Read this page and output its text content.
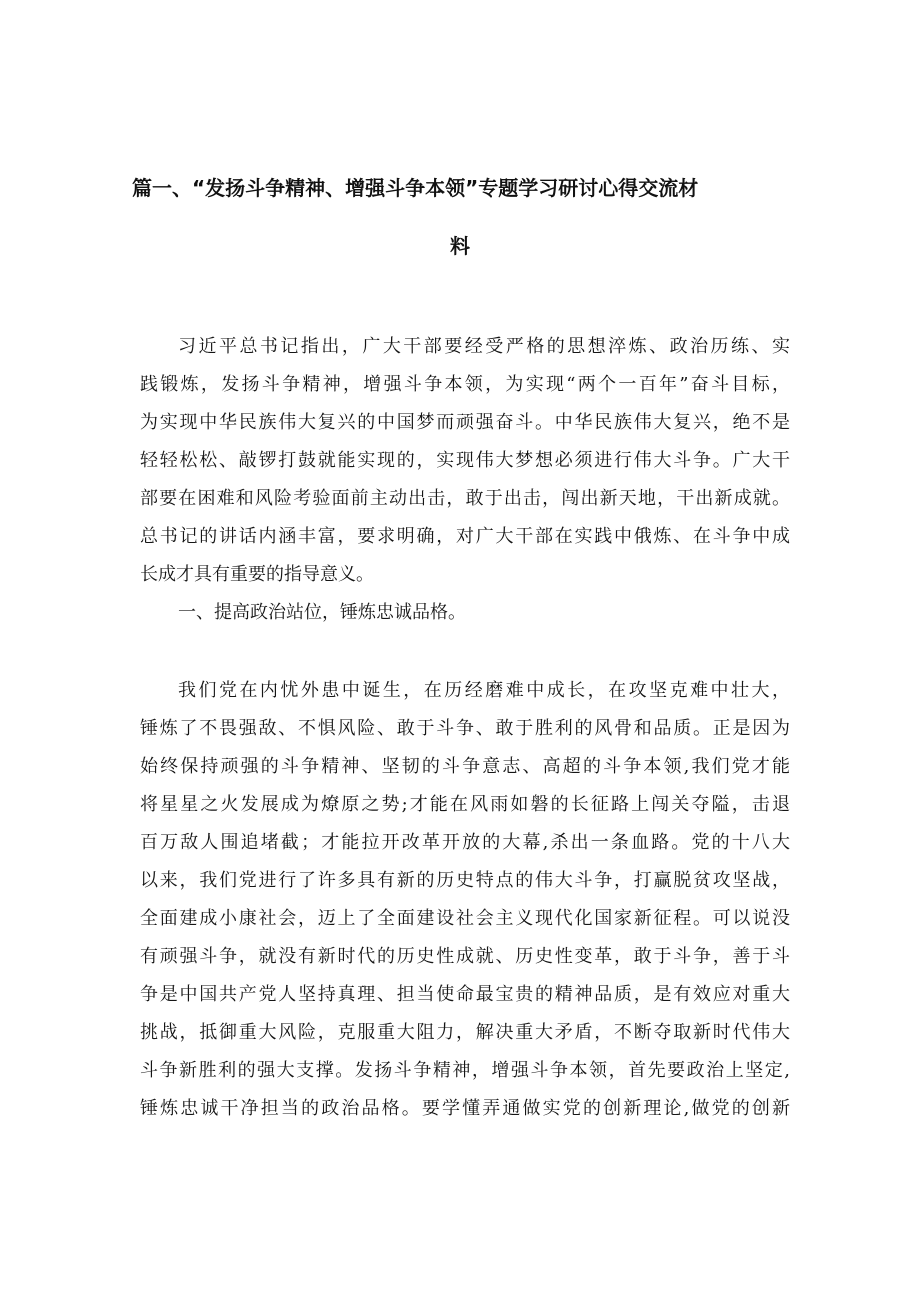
篇一、“发扬斗争精神、增强斗争本领”专题学习研讨心得交流材
料
习近平总书记指出，广大干部要经受严格的思想淬炼、政治历练、实
践锻炼，发扬斗争精神，增强斗争本领，为实现“两个一百年”奋斗目标，
为实现中华民族伟大复兴的中国梦而顽强奋斗。中华民族伟大复兴，绝不是
轻轻松松、敲锣打鼓就能实现的，实现伟大梦想必须进行伟大斗争。广大干
部要在困难和风险考验面前主动出击，敢于出击，闯出新天地，干出新成就。
总书记的讲话内涵丰富，要求明确，对广大干部在实践中俄炼、在斗争中成
长成才具有重要的指导意义。
一、提高政治站位，锤炼忠诚品格。
我们党在内忧外患中诞生，在历经磨难中成长，在攻坚克难中壮大，
锤炼了不畏强敌、不惧风险、敢于斗争、敢于胜利的风骨和品质。正是因为
始终保持顽强的斗争精神、坚韧的斗争意志、高超的斗争本领,我们党才能
将星星之火发展成为燎原之势;才能在风雨如磐的长征路上闯关夺隘，击退
百万敌人围追堵截；才能拉开改革开放的大幕,杀出一条血路。党的十八大
以来，我们党进行了许多具有新的历史特点的伟大斗争，打赢脱贫攻坚战，
全面建成小康社会，迈上了全面建设社会主义现代化国家新征程。可以说没
有顽强斗争，就没有新时代的历史性成就、历史性变革，敢于斗争，善于斗
争是中国共产党人坚持真理、担当使命最宝贵的精神品质，是有效应对重大
挑战，抵御重大风险，克服重大阻力，解决重大矛盾，不断夺取新时代伟大
斗争新胜利的强大支撑。发扬斗争精神，增强斗争本领，首先要政治上坚定,
锤炼忠诚干净担当的政治品格。要学懂弄通做实党的创新理论,做党的创新
